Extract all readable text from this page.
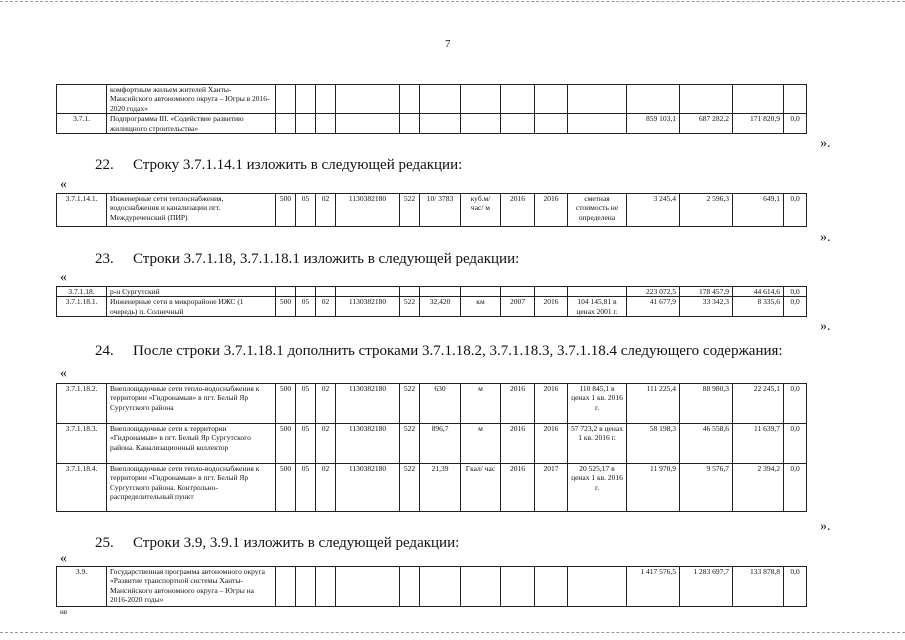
7
	комфортным жильем жителей Ханты-Мансийского автономного округа – Югры в 2016-2020 годах»														
3.7.1.	Подпрограмма III. «Содействие развитию жилищного строительства»											859 103,1	687 282,2	171 820,9	0,0
».
22. Строку 3.7.1.14.1 изложить в следующей редакции:
«
3.7.1.14.1.	Инженерные сети теплоснабжения, водоснабжения и канализации пгт. Междуреченский (ПИР)	500	05	02	1130382180	522	10/ 3783	куб.м/ час/ м	2016	2016	сметная стоимость не определена	3 245,4	2 596,3	649,1	0,0
».
23. Строки 3.7.1.18, 3.7.1.18.1 изложить в следующей редакции:
«
3.7.1.18.	р-н Сургутский											223 072,5	178 457,9	44 614,6	0,0
3.7.1.18.1.	Инженерные сети в микрорайоне ИЖС (1 очередь) п. Солнечный	500	05	02	1130382180	522	32,420	км	2007	2016	104 145,81 в ценах 2001 г.	41 677,9	33 342,3	8 335,6	0,0
».
24. После строки 3.7.1.18.1 дополнить строками 3.7.1.18.2, 3.7.1.18.3, 3.7.1.18.4 следующего содержания:
«
3.7.1.18.2.	Внеплощадочные сети тепло-водоснабжения к территории «Гидронамыв» в пгт. Белый Яр Сургутского района	500	05	02	1130382180	522	630	м	2016	2016	110 845,1 в ценах 1 кв. 2016 г.	111 225,4	88 980,3	22 245,1	0,0
3.7.1.18.3.	Внеплощадочные сети к территории «Гидронамыв» в пгт. Белый Яр Сургутского района. Канализационный коллектор	500	05	02	1130382180	522	896,7	м	2016	2016	57 723,2 в ценах 1 кв. 2016 г.	58 198,3	46 558,6	11 639,7	0,0
3.7.1.18.4.	Внеплощадочные сети тепло-водоснабжения к территории «Гидронамыв» в пгт. Белый Яр Сургутского района. Контрольно-распределительный пункт	500	05	02	1130382180	522	21,39	Гкал/ час	2016	2017	20 525,17 в ценах 1 кв. 2016 г.	11 970,9	9 576,7	2 394,2	0,0
».
25. Строки 3.9, 3.9.1 изложить в следующей редакции:
«
3.9.	Государственная программа автономного округа «Развитие транспортной системы Ханты-Мансийского автономного округа – Югры на 2016-2020 годы»											1 417 576,5	1 283 697,7	133 878,8	0,0
нв
